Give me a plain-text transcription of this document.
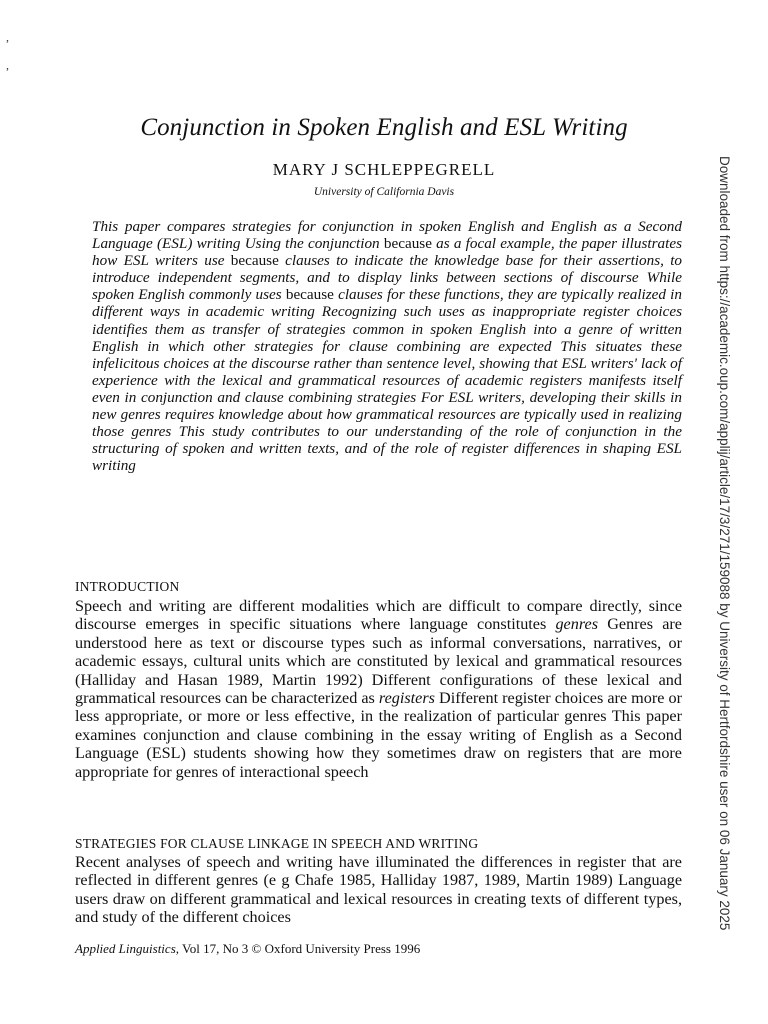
,
,
Conjunction in Spoken English and ESL Writing
MARY J SCHLEPPEGRELL
University of California Davis
This paper compares strategies for conjunction in spoken English and English as a Second Language (ESL) writing Using the conjunction because as a focal example, the paper illustrates how ESL writers use because clauses to indicate the knowledge base for their assertions, to introduce independent segments, and to display links between sections of discourse While spoken English commonly uses because clauses for these functions, they are typically realized in different ways in academic writing Recognizing such uses as inappropriate register choices identifies them as transfer of strategies common in spoken English into a genre of written English in which other strategies for clause combining are expected This situates these infelicitous choices at the discourse rather than sentence level, showing that ESL writers' lack of experience with the lexical and grammatical resources of academic registers manifests itself even in conjunction and clause combining strategies For ESL writers, developing their skills in new genres requires knowledge about how grammatical resources are typically used in realizing those genres This study contributes to our understanding of the role of conjunction in the structuring of spoken and written texts, and of the role of register differences in shaping ESL writing
INTRODUCTION
Speech and writing are different modalities which are difficult to compare directly, since discourse emerges in specific situations where language constitutes genres Genres are understood here as text or discourse types such as informal conversations, narratives, or academic essays, cultural units which are constituted by lexical and grammatical resources (Halliday and Hasan 1989, Martin 1992) Different configurations of these lexical and grammatical resources can be characterized as registers Different register choices are more or less appropriate, or more or less effective, in the realization of particular genres This paper examines conjunction and clause combining in the essay writing of English as a Second Language (ESL) students showing how they sometimes draw on registers that are more appropriate for genres of interactional speech
STRATEGIES FOR CLAUSE LINKAGE IN SPEECH AND WRITING
Recent analyses of speech and writing have illuminated the differences in register that are reflected in different genres (e g Chafe 1985, Halliday 1987, 1989, Martin 1989) Language users draw on different grammatical and lexical resources in creating texts of different types, and study of the different choices
Applied Linguistics, Vol 17, No 3 © Oxford University Press 1996
Downloaded from https://academic.oup.com/applij/article/17/3/271/159088 by University of Hertfordshire user on 06 January 2025
